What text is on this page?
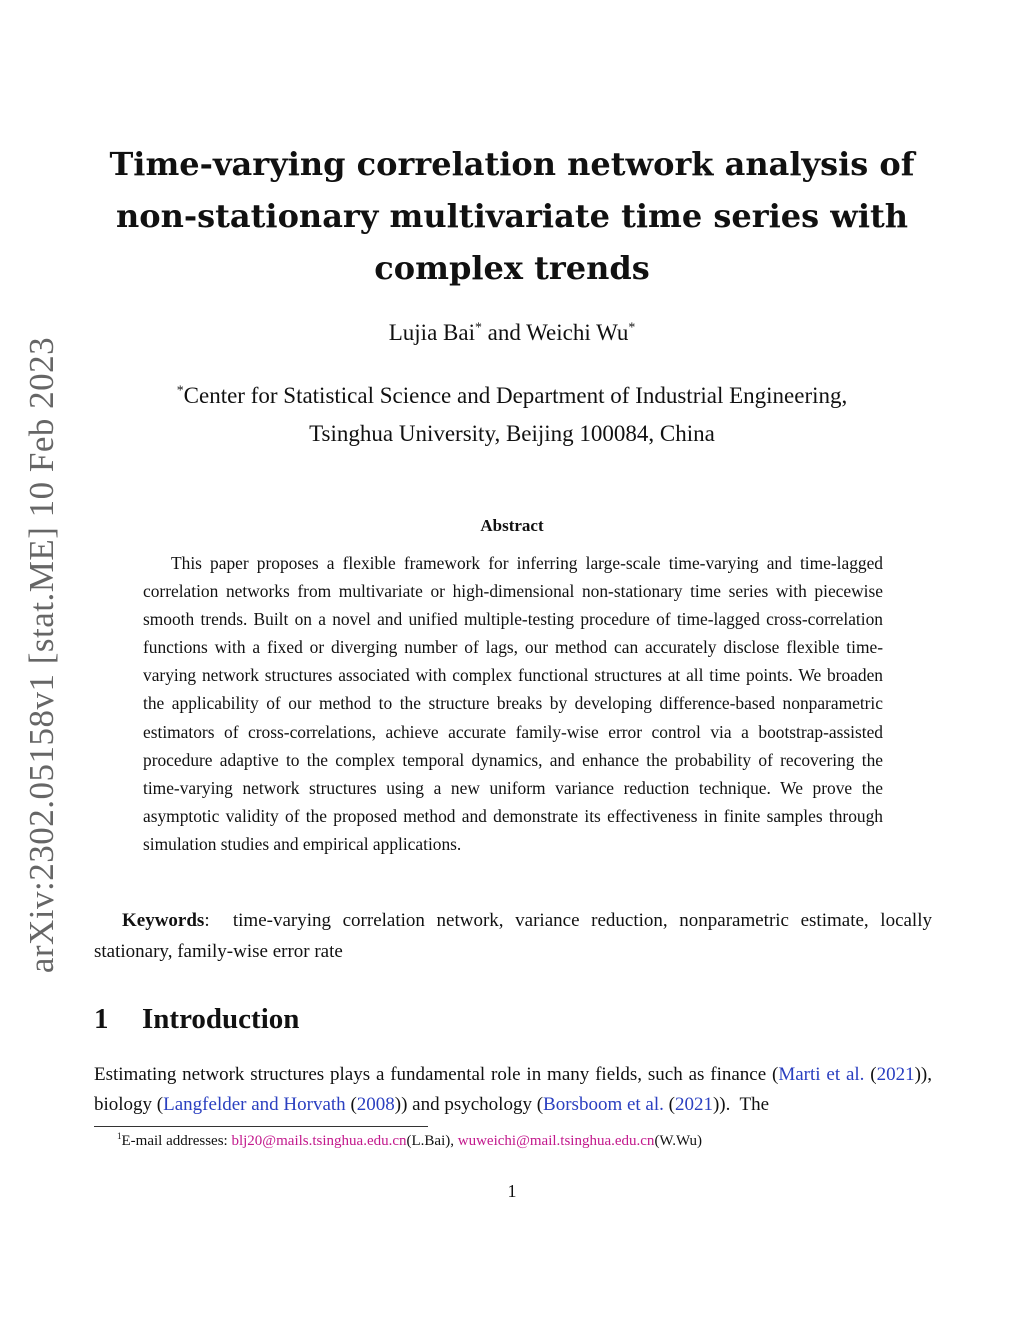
arXiv:2302.05158v1 [stat.ME] 10 Feb 2023
Time-varying correlation network analysis of non-stationary multivariate time series with complex trends
Lujia Bai* and Weichi Wu*
*Center for Statistical Science and Department of Industrial Engineering,
Tsinghua University, Beijing 100084, China
Abstract

This paper proposes a flexible framework for inferring large-scale time-varying and time-lagged correlation networks from multivariate or high-dimensional non-stationary time series with piecewise smooth trends. Built on a novel and unified multiple-testing procedure of time-lagged cross-correlation functions with a fixed or diverging number of lags, our method can accurately disclose flexible time-varying network structures associated with complex functional structures at all time points. We broaden the applicability of our method to the structure breaks by developing difference-based nonparametric estimators of cross-correlations, achieve accurate family-wise error control via a bootstrap-assisted procedure adaptive to the complex temporal dynamics, and enhance the probability of recovering the time-varying network structures using a new uniform variance reduction technique. We prove the asymptotic validity of the proposed method and demonstrate its effectiveness in finite samples through simulation studies and empirical applications.

Keywords: time-varying correlation network, variance reduction, nonparametric estimate, locally stationary, family-wise error rate

1 Introduction

Estimating network structures plays a fundamental role in many fields, such as finance (Marti et al. (2021)), biology (Langfelder and Horvath (2008)) and psychology (Borsboom et al. (2021)).  The

$^1$E-mail addresses: blj20@mails.tsinghua.edu.cn(L.Bai), wuweichi@mail.tsinghua.edu.cn(W.Wu)
1
